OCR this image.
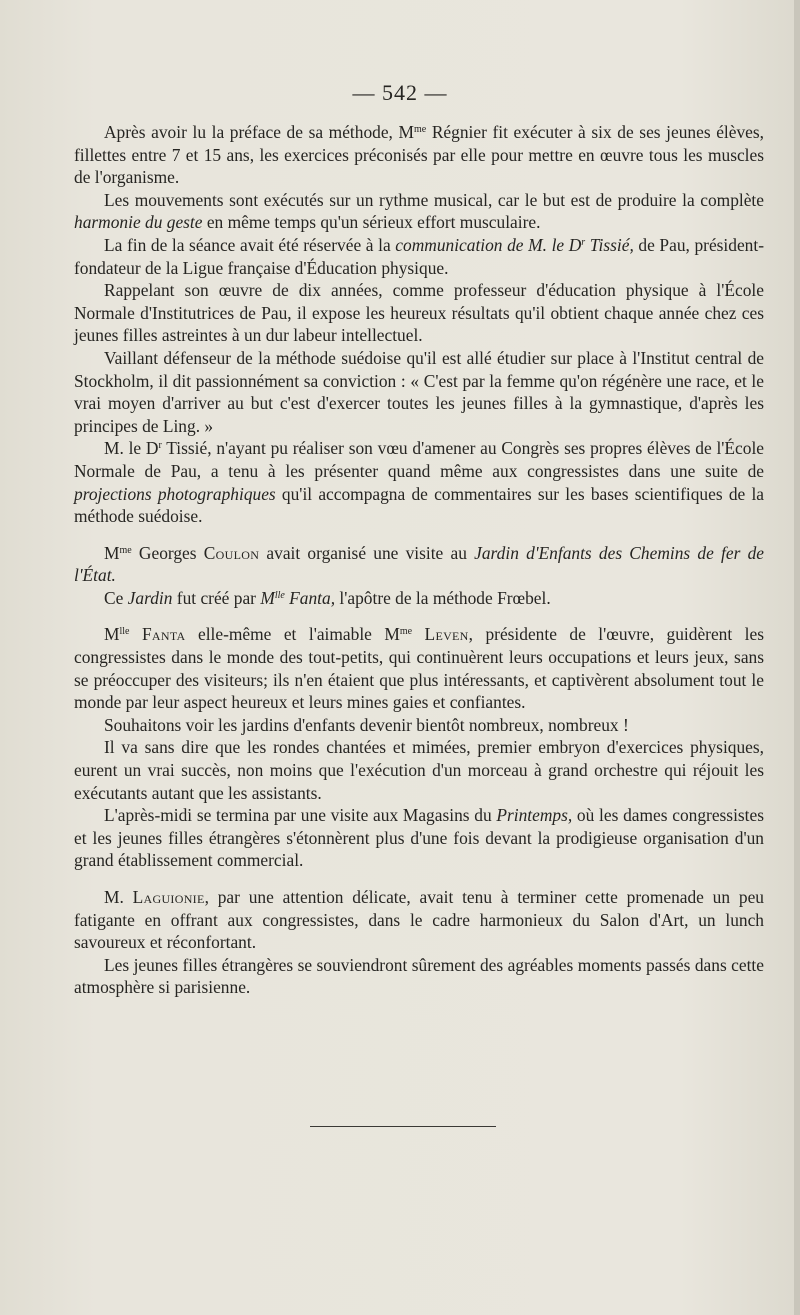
— 542 —

Après avoir lu la préface de sa méthode, $M^{me}$ Régnier fit exécuter à six de ses jeunes élèves, fillettes entre 7 et 15 ans, les exercices préconisés par elle pour mettre en œuvre tous les muscles de l'organisme.

Les mouvements sont exécutés sur un rythme musical, car le but est de produire la complète harmonie du geste en même temps qu'un sérieux effort musculaire.

La fin de la séance avait été réservée à la communication de M. le $D^r$ Tissié, de Pau, président-fondateur de la Ligue française d'Éducation physique.

Rappelant son œuvre de dix années, comme professeur d'éducation physique à l'École Normale d'Institutrices de Pau, il expose les heureux résultats qu'il obtient chaque année chez ces jeunes filles astreintes à un dur labeur intellectuel.

Vaillant défenseur de la méthode suédoise qu'il est allé étudier sur place à l'Institut central de Stockholm, il dit passionnément sa conviction : « C'est par la femme qu'on régénère une race, et le vrai moyen d'arriver au but c'est d'exercer toutes les jeunes filles à la gymnastique, d'après les principes de Ling. »

M. le $D^r$ Tissié, n'ayant pu réaliser son vœu d'amener au Congrès ses propres élèves de l'École Normale de Pau, a tenu à les présenter quand même aux congressistes dans une suite de projections photographiques qu'il accompagna de commentaires sur les bases scientifiques de la méthode suédoise.

$M^{me}$ Georges Coulon avait organisé une visite au Jardin d'Enfants des Chemins de fer de l'État.

Ce Jardin fut créé par $M^{lle}$ Fanta, l'apôtre de la méthode Frœbel.

$M^{lle}$ Fanta elle-même et l'aimable $M^{me}$ Leven, présidente de l'œuvre, guidèrent les congressistes dans le monde des tout-petits, qui continuèrent leurs occupations et leurs jeux, sans se préoccuper des visiteurs; ils n'en étaient que plus intéressants, et captivèrent absolument tout le monde par leur aspect heureux et leurs mines gaies et confiantes.

Souhaitons voir les jardins d'enfants devenir bientôt nombreux, nombreux !

Il va sans dire que les rondes chantées et mimées, premier embryon d'exercices physiques, eurent un vrai succès, non moins que l'exécution d'un morceau à grand orchestre qui réjouit les exécutants autant que les assistants.

L'après-midi se termina par une visite aux Magasins du Printemps, où les dames congressistes et les jeunes filles étrangères s'étonnèrent plus d'une fois devant la prodigieuse organisation d'un grand établissement commercial.

M. Laguionie, par une attention délicate, avait tenu à terminer cette promenade un peu fatigante en offrant aux congressistes, dans le cadre harmonieux du Salon d'Art, un lunch savoureux et réconfortant.

Les jeunes filles étrangères se souviendront sûrement des agréables moments passés dans cette atmosphère si parisienne.
